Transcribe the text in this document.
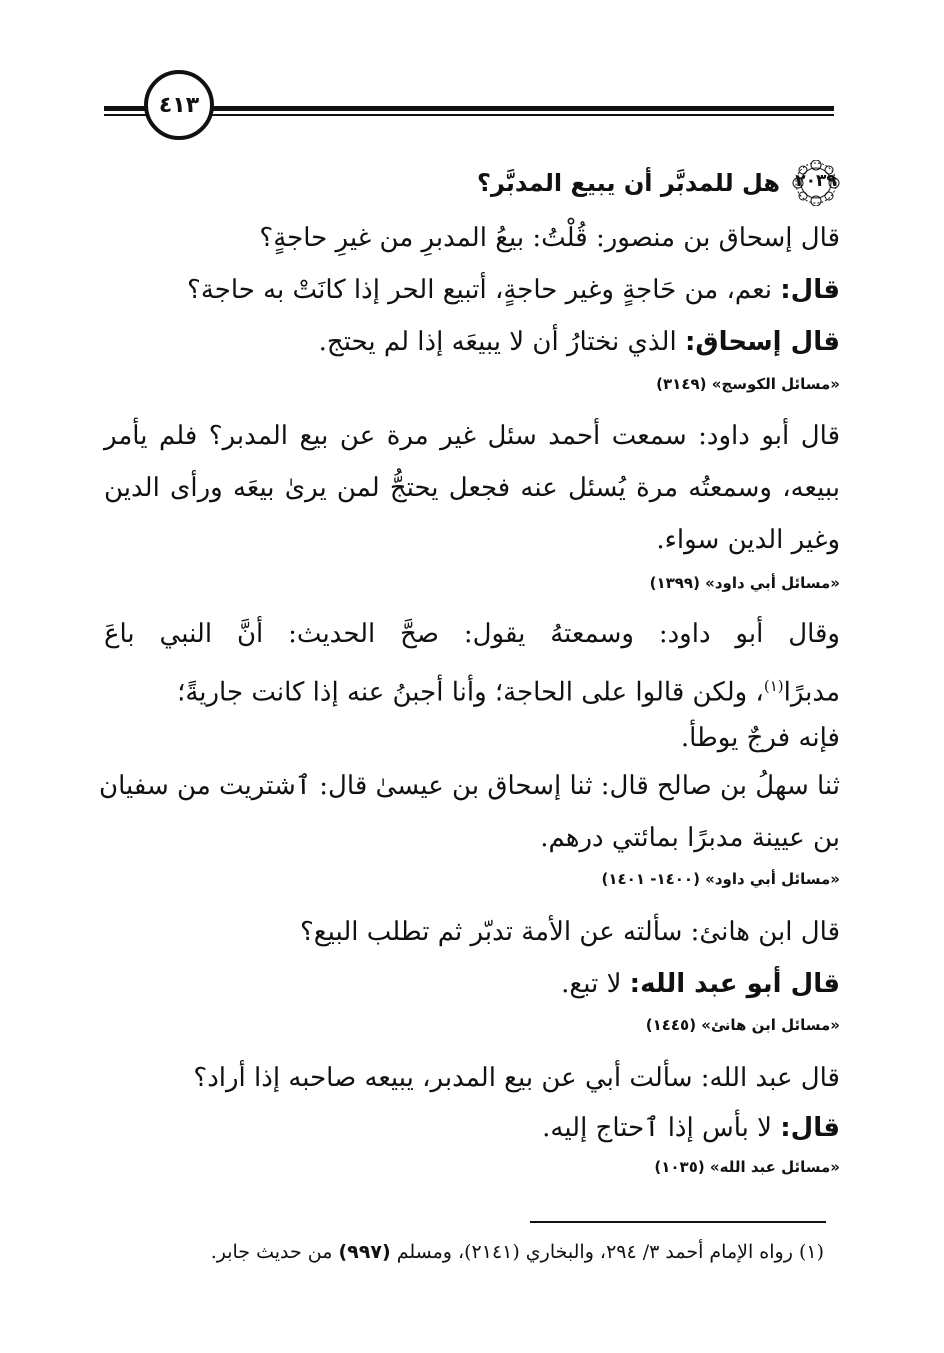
٤١٣
٢٠٣٩
هل للمدبَّر أن يبيع المدبَّر؟
قال إسحاق بن منصور: قُلْتُ: بيعُ المدبرِ من غيرِ حاجةٍ؟
قال: نعم، من حَاجةٍ وغير حاجةٍ، أتبيع الحر إذا كانَتْ به حاجة؟
قال إسحاق: الذي نختارُ أن لا يبيعَه إذا لم يحتج.
«مسائل الكوسج» (٣١٤٩)
قال أبو داود: سمعت أحمد سئل غير مرة عن بيع المدبر؟ فلم يأمر
ببيعه، وسمعتُه مرة يُسئل عنه فجعل يحتجُّ لمن يرىٰ بيعَه ورأى الدين
وغير الدين سواء.
«مسائل أبي داود» (١٣٩٩)
وقال أبو داود: وسمعتهُ يقول: صحَّ الحديث: أنَّ النبي باعَ
مدبرًا$^{(١)}$، ولكن قالوا على الحاجة؛ وأنا أجبنُ عنه إذا كانت جاريةً؛
فإنه فرجٌ يوطأ.
ثنا سهلُ بن صالح قال: ثنا إسحاق بن عيسىٰ قال: ٱشتريت من سفيان
بن عيينة مدبرًا بمائتي درهم.
«مسائل أبي داود» (١٤٠٠- ١٤٠١)
قال ابن هانئ: سألته عن الأمة تدبّر ثم تطلب البيع؟
قال أبو عبد الله: لا تبع.
«مسائل ابن هانئ» (١٤٤٥)
قال عبد الله: سألت أبي عن بيع المدبر، يبيعه صاحبه إذا أراد؟
قال: لا بأس إذا ٱحتاج إليه.
«مسائل عبد الله» (١٠٣٥)
(١) رواه الإمام أحمد ٣/ ٢٩٤، والبخاري (٢١٤١)، ومسلم (٩٩٧) من حديث جابر.
